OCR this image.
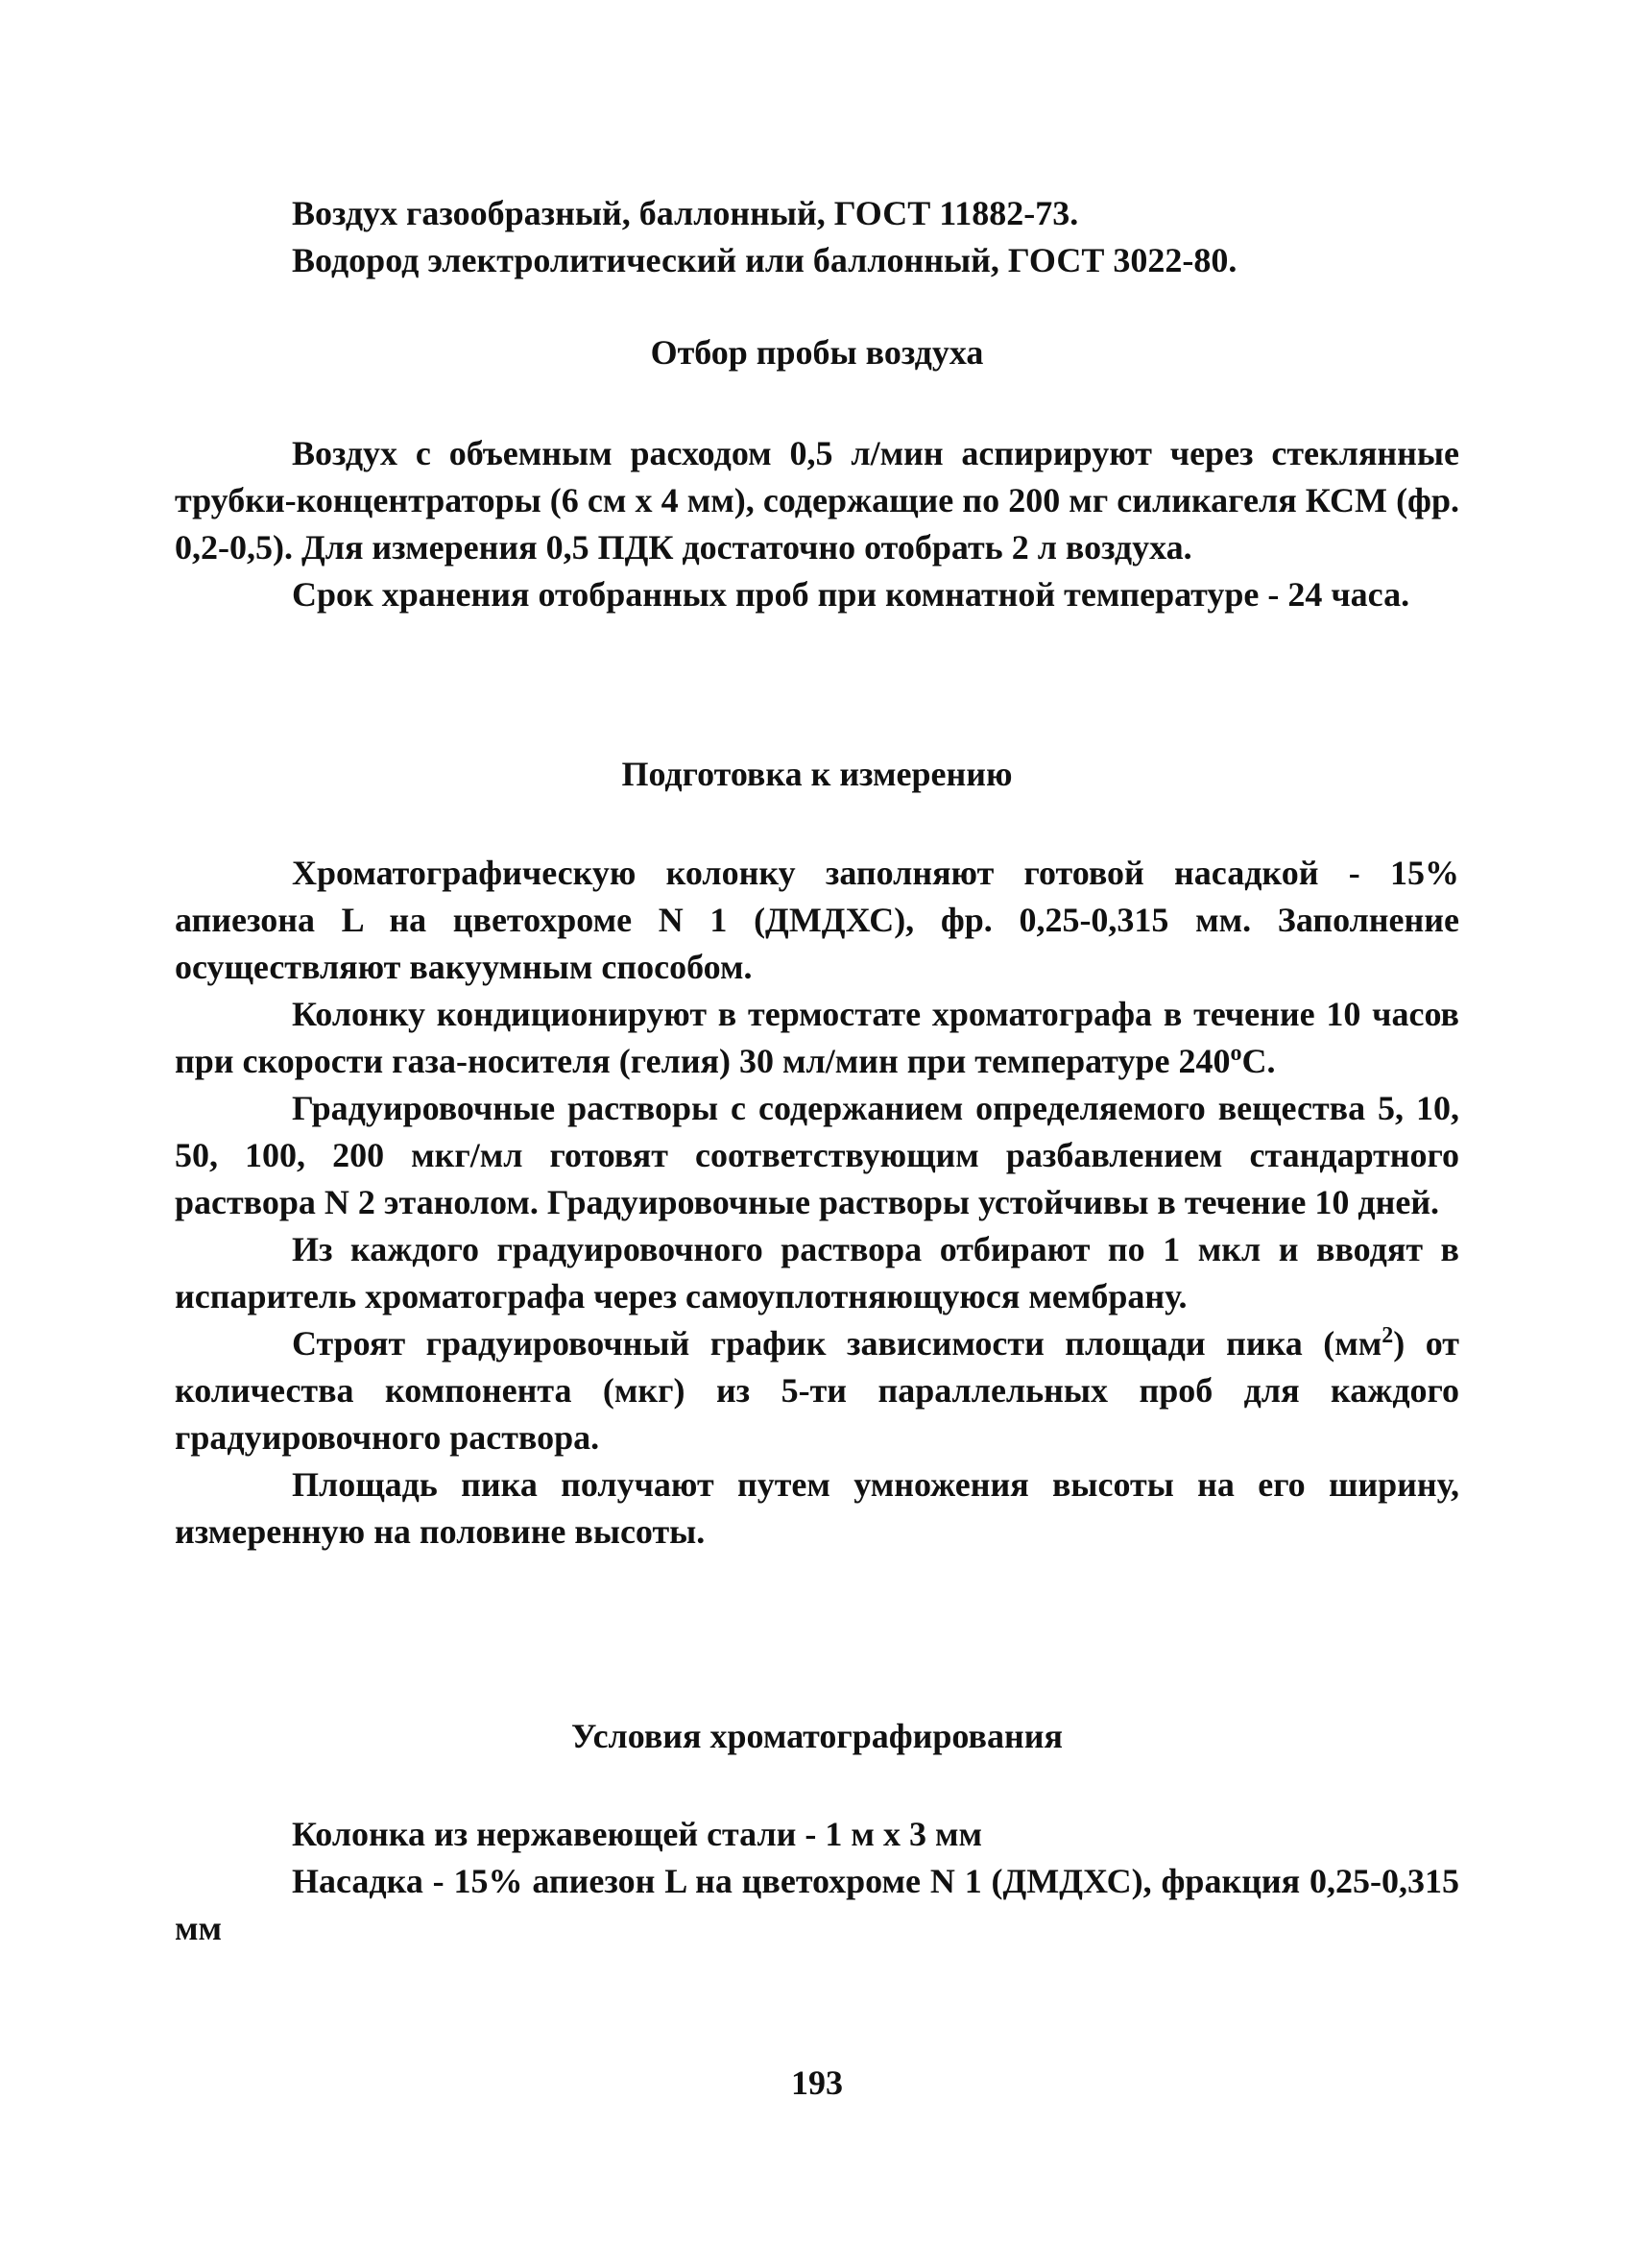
Воздух газообразный, баллонный, ГОСТ 11882-73.

Водород электролитический или баллонный, ГОСТ 3022-80.

Отбор пробы воздуха

Воздух с объемным расходом 0,5 л/мин аспирируют через стеклянные трубки-концентраторы (6 см х 4 мм), содержащие по 200 мг силикагеля КСМ (фр. 0,2-0,5). Для измерения 0,5 ПДК достаточно отобрать 2 л воздуха.

Срок хранения отобранных проб при комнатной температуре - 24 часа.

Подготовка к измерению

Хроматографическую колонку заполняют готовой насадкой - 15% апиезона L на цветохроме N 1 (ДМДХС), фр. 0,25-0,315 мм. Заполнение осуществляют вакуумным способом.

Колонку кондиционируют в термостате хроматографа в течение 10 часов при скорости газа-носителя (гелия) 30 мл/мин при температуре $240^оС$.

Градуировочные растворы с содержанием определяемого вещества 5, 10, 50, 100, 200 мкг/мл готовят соответствующим разбавлением стандартного раствора N 2 этанолом. Градуировочные растворы устойчивы в течение 10 дней.

Из каждого градуировочного раствора отбирают по 1 мкл и вводят в испаритель хроматографа через самоуплотняющуюся мембрану.

Строят градуировочный график зависимости площади пика $(мм^2)$ от количества компонента (мкг) из 5-ти параллельных проб для каждого градуировочного раствора.

Площадь пика получают путем умножения высоты на его ширину, измеренную на половине высоты.

Условия хроматографирования

Колонка из нержавеющей стали - 1 м х 3 мм

Насадка - 15% апиезон L на цветохроме N 1 (ДМДХС), фракция 0,25-0,315 мм

193
